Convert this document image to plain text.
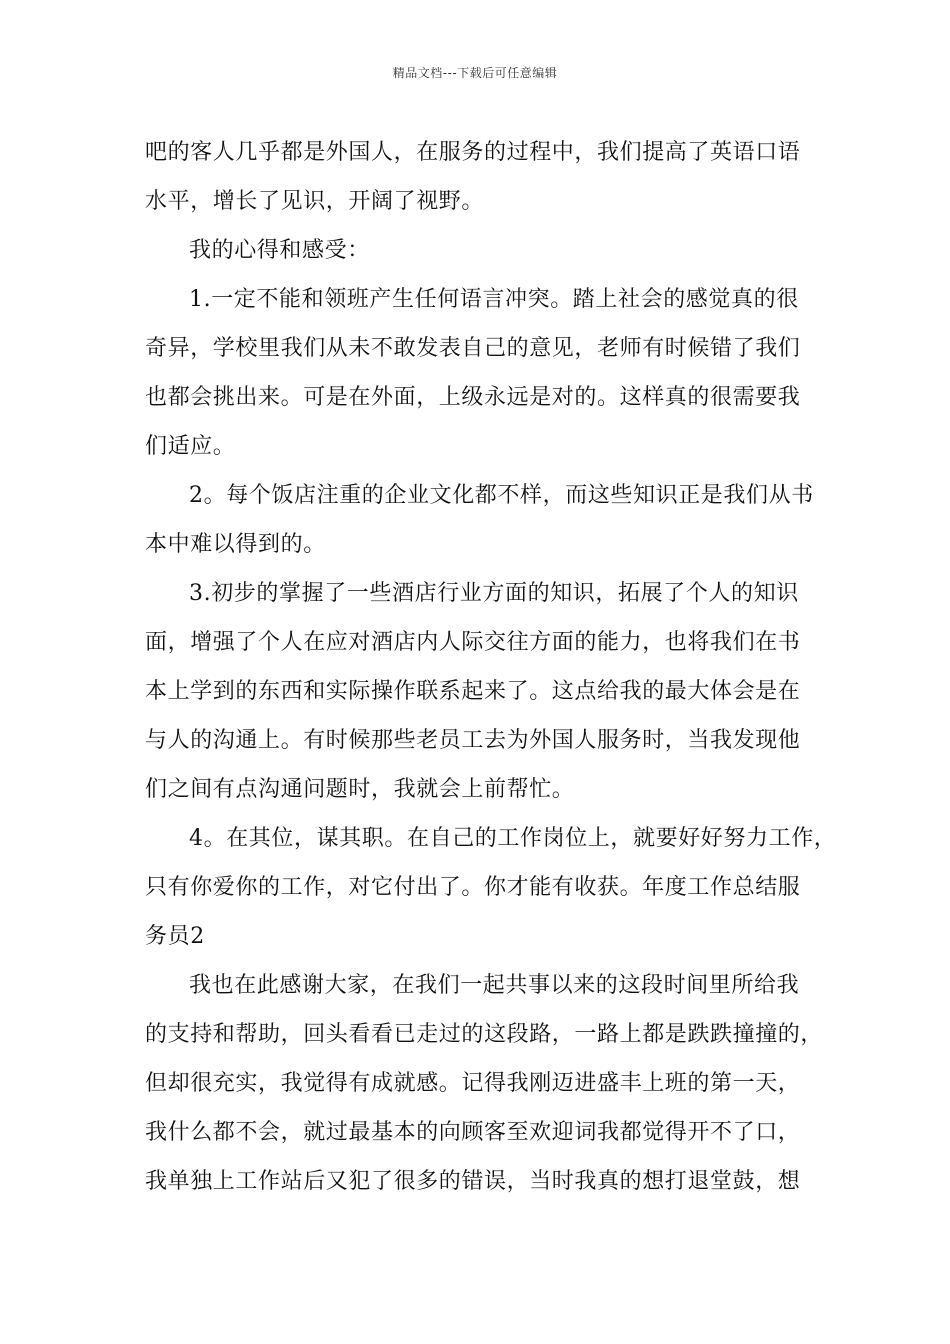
精品文档---下载后可任意编辑
吧的客人几乎都是外国人，在服务的过程中，我们提高了英语口语
水平，增长了见识，开阔了视野。
我的心得和感受：
1.一定不能和领班产生任何语言冲突。踏上社会的感觉真的很
奇异，学校里我们从未不敢发表自己的意见，老师有时候错了我们
也都会挑出来。可是在外面，上级永远是对的。这样真的很需要我
们适应。
2。每个饭店注重的企业文化都不样，而这些知识正是我们从书
本中难以得到的。
3.初步的掌握了一些酒店行业方面的知识，拓展了个人的知识
面，增强了个人在应对酒店内人际交往方面的能力，也将我们在书
本上学到的东西和实际操作联系起来了。这点给我的最大体会是在
与人的沟通上。有时候那些老员工去为外国人服务时，当我发现他
们之间有点沟通问题时，我就会上前帮忙。
4。在其位，谋其职。在自己的工作岗位上，就要好好努力工作，
只有你爱你的工作，对它付出了。你才能有收获。年度工作总结服
务员2
我也在此感谢大家，在我们一起共事以来的这段时间里所给我
的支持和帮助，回头看看已走过的这段路，一路上都是跌跌撞撞的，
但却很充实，我觉得有成就感。记得我刚迈进盛丰上班的第一天，
我什么都不会，就过最基本的向顾客至欢迎词我都觉得开不了口，
我单独上工作站后又犯了很多的错误，当时我真的想打退堂鼓，想
